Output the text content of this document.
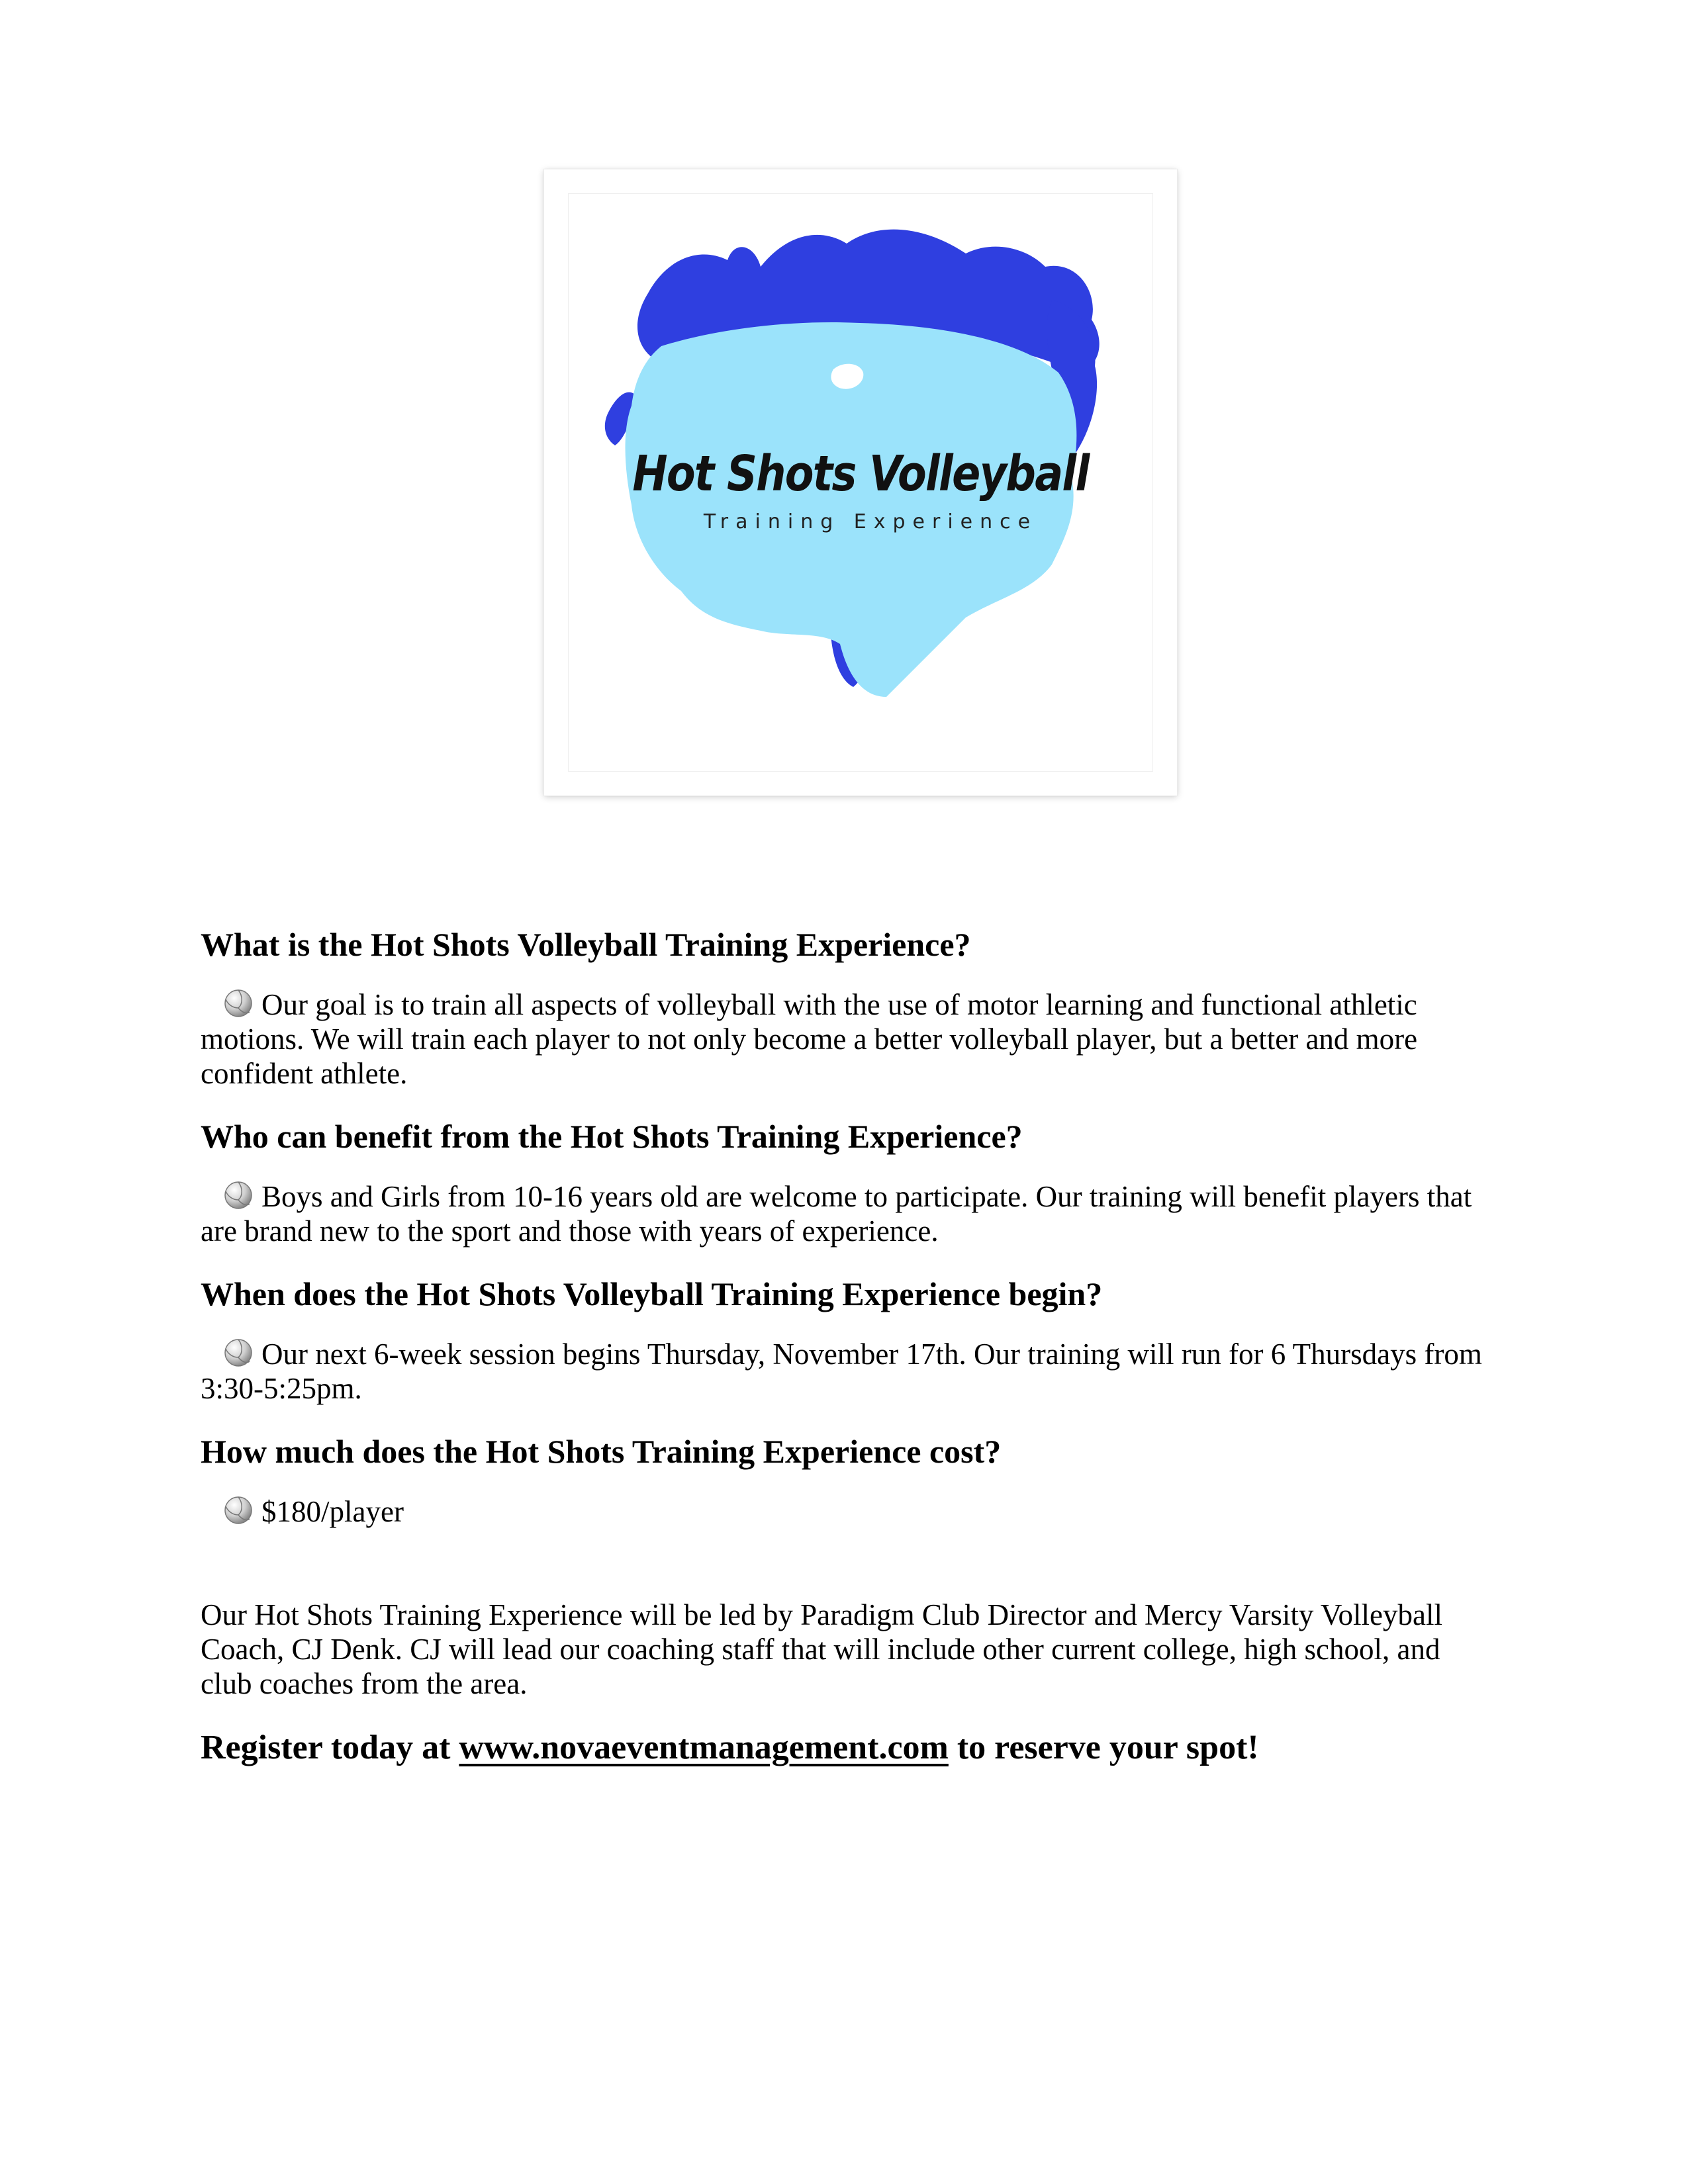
Hot Shots Volleyball
Training Experience
What is the Hot Shots Volleyball Training Experience?

Our goal is to train all aspects of volleyball with the use of motor learning and functional athletic motions. We will train each player to not only become a better volleyball player, but a better and more confident athlete.

Who can benefit from the Hot Shots Training Experience?

Boys and Girls from 10-16 years old are welcome to participate. Our training will benefit players that are brand new to the sport and those with years of experience.

When does the Hot Shots Volleyball Training Experience begin?

Our next 6-week session begins Thursday, November 17th. Our training will run for 6 Thursdays from 3:30-5:25pm.

How much does the Hot Shots Training Experience cost?

$180/player

Our Hot Shots Training Experience will be led by Paradigm Club Director and Mercy Varsity Volleyball Coach, CJ Denk. CJ will lead our coaching staff that will include other current college, high school, and club coaches from the area.

Register today at www.novaeventmanagement.com to reserve your spot!
